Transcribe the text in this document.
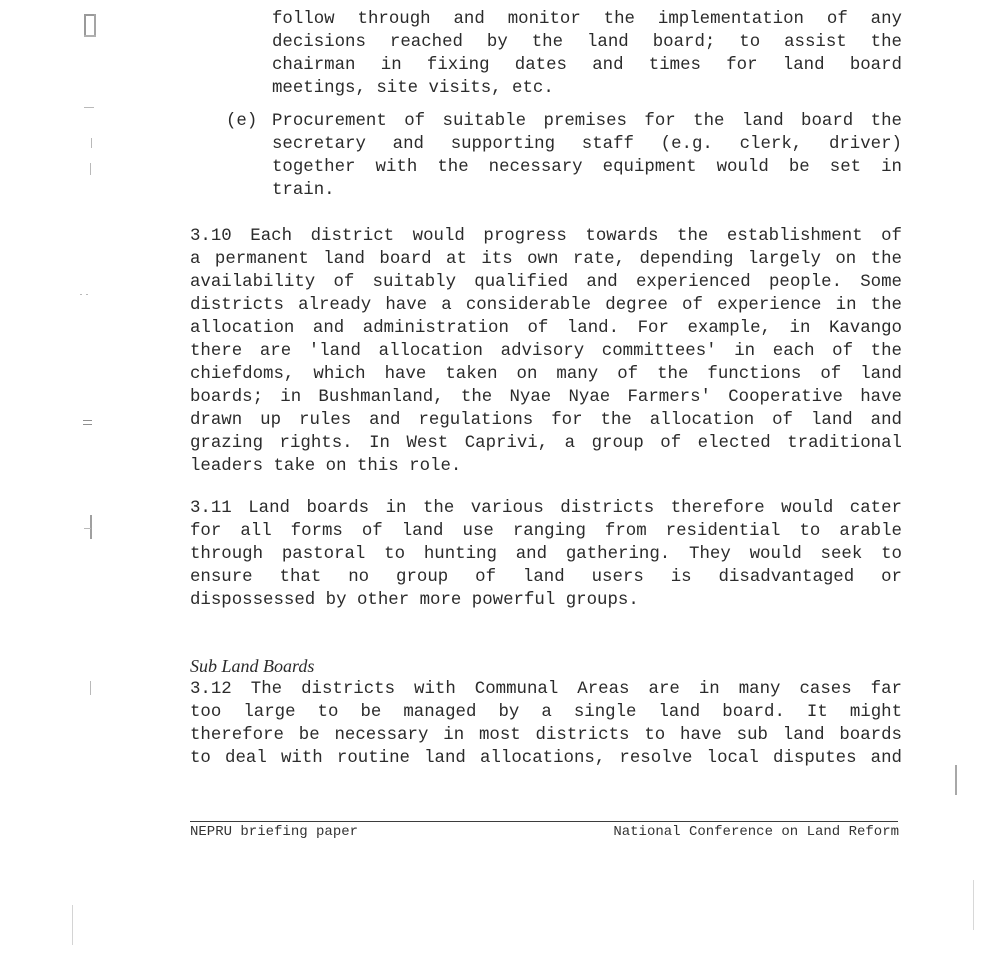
follow through and monitor the implementation of any
decisions reached by the land board; to assist the
chairman in fixing dates and times for land board
meetings, site visits, etc.
(e) Procurement of suitable premises for the land board the
secretary and supporting staff (e.g. clerk, driver)
together with the necessary equipment would be set in
train.
3.10 Each district would progress towards the establishment of
a permanent land board at its own rate, depending largely on the
availability of suitably qualified and experienced people. Some
districts already have a considerable degree of experience in the
allocation and administration of land. For example, in Kavango
there are 'land allocation advisory committees' in each of the
chiefdoms, which have taken on many of the functions of land
boards; in Bushmanland, the Nyae Nyae Farmers' Cooperative have
drawn up rules and regulations for the allocation of land and
grazing rights. In West Caprivi, a group of elected traditional
leaders take on this role.
3.11 Land boards in the various districts therefore would cater
for all forms of land use ranging from residential to arable
through pastoral to hunting and gathering. They would seek to
ensure that no group of land users is disadvantaged or
dispossessed by other more powerful groups.
Sub Land Boards
3.12 The districts with Communal Areas are in many cases far
too large to be managed by a single land board. It might
therefore be necessary in most districts to have sub land boards
to deal with routine land allocations, resolve local disputes and
NEPRU briefing paper	National Conference on Land Reform
